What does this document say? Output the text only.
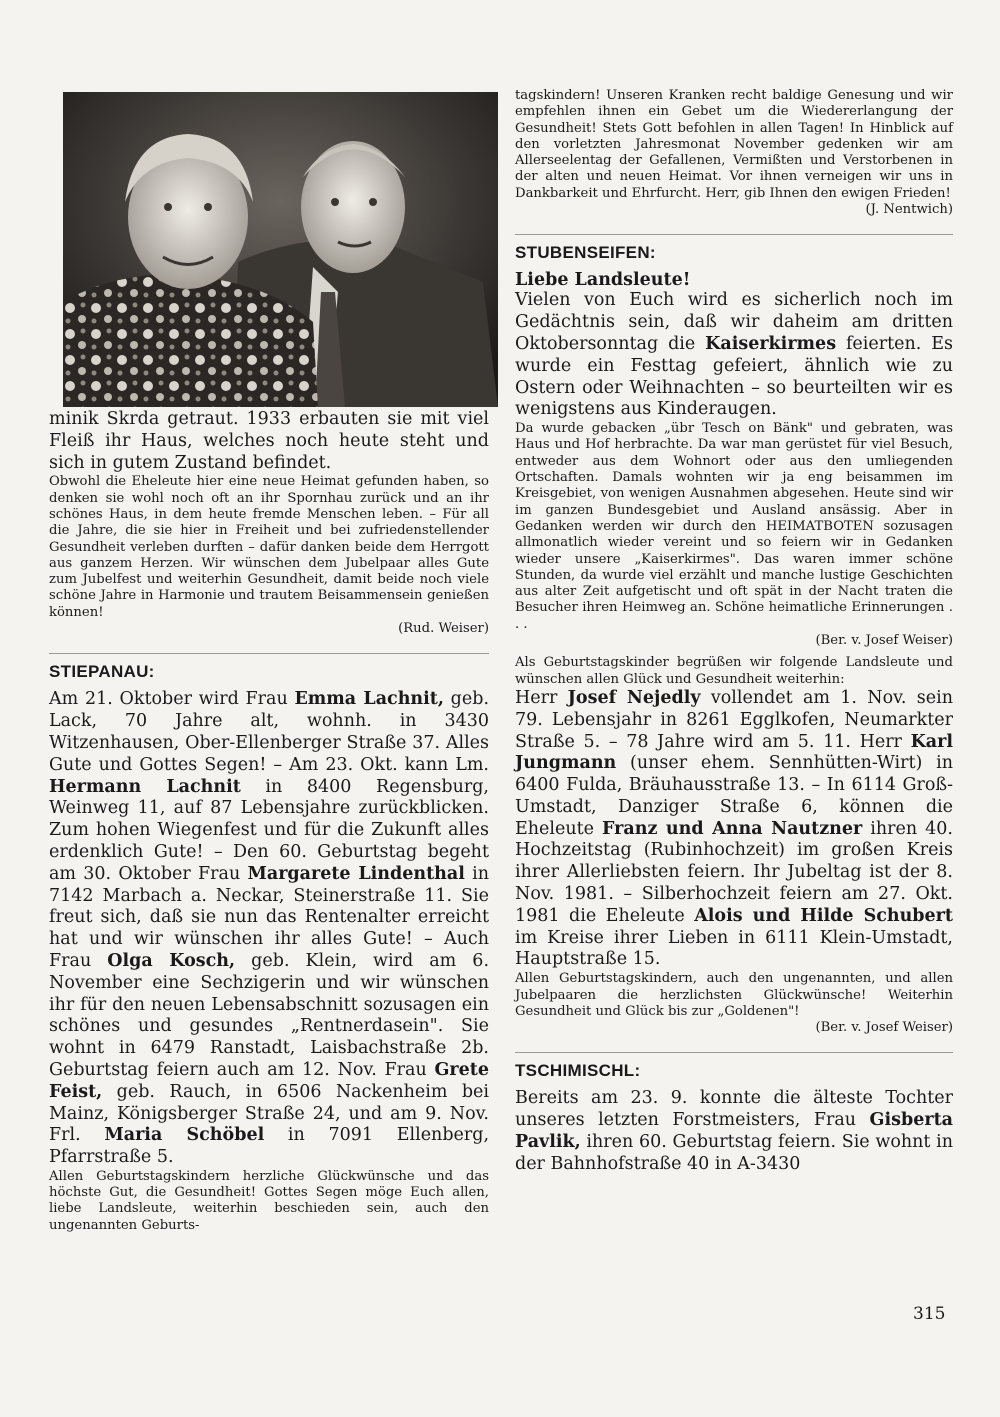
minik Skrda getraut. 1933 erbauten sie mit viel Fleiß ihr Haus, welches noch heute steht und sich in gutem Zustand befindet.

Obwohl die Eheleute hier eine neue Heimat gefunden haben, so denken sie wohl noch oft an ihr Spornhau zurück und an ihr schönes Haus, in dem heute fremde Menschen leben. – Für all die Jahre, die sie hier in Freiheit und bei zufriedenstellender Gesundheit verleben durften – dafür danken beide dem Herrgott aus ganzem Herzen. Wir wünschen dem Jubelpaar alles Gute zum Jubelfest und weiterhin Gesundheit, damit beide noch viele schöne Jahre in Harmonie und trautem Beisammensein genießen können!
(Rud. Weiser)

STIEPANAU:

Am 21. Oktober wird Frau Emma Lachnit, geb. Lack, 70 Jahre alt, wohnh. in 3430 Witzenhausen, Ober-Ellenberger Straße 37. Alles Gute und Gottes Segen! – Am 23. Okt. kann Lm. Hermann Lachnit in 8400 Regensburg, Weinweg 11, auf 87 Lebensjahre zurückblicken. Zum hohen Wiegenfest und für die Zukunft alles erdenklich Gute! – Den 60. Geburtstag begeht am 30. Oktober Frau Margarete Lindenthal in 7142 Marbach a. Neckar, Steinerstraße 11. Sie freut sich, daß sie nun das Rentenalter erreicht hat und wir wünschen ihr alles Gute! – Auch Frau Olga Kosch, geb. Klein, wird am 6. November eine Sechzigerin und wir wünschen ihr für den neuen Lebensabschnitt sozusagen ein schönes und gesundes „Rentnerdasein". Sie wohnt in 6479 Ranstadt, Laisbachstraße 2b. Geburtstag feiern auch am 12. Nov. Frau Grete Feist, geb. Rauch, in 6506 Nackenheim bei Mainz, Königsberger Straße 24, und am 9. Nov. Frl. Maria Schöbel in 7091 Ellenberg, Pfarrstraße 5.

Allen Geburtstagskindern herzliche Glückwünsche und das höchste Gut, die Gesundheit! Gottes Segen möge Euch allen, liebe Landsleute, weiterhin beschieden sein, auch den ungenannten Geburts-

tagskindern! Unseren Kranken recht baldige Genesung und wir empfehlen ihnen ein Gebet um die Wiedererlangung der Gesundheit! Stets Gott befohlen in allen Tagen! In Hinblick auf den vorletzten Jahresmonat November gedenken wir am Allerseelentag der Gefallenen, Vermißten und Verstorbenen in der alten und neuen Heimat. Vor ihnen verneigen wir uns in Dankbarkeit und Ehrfurcht. Herr, gib Ihnen den ewigen Frieden!
(J. Nentwich)

STUBENSEIFEN:
Liebe Landsleute!

Vielen von Euch wird es sicherlich noch im Gedächtnis sein, daß wir daheim am dritten Oktobersonntag die Kaiserkirmes feierten. Es wurde ein Festtag gefeiert, ähnlich wie zu Ostern oder Weihnachten – so beurteilten wir es wenigstens aus Kinderaugen.

Da wurde gebacken „übr Tesch on Bänk" und gebraten, was Haus und Hof herbrachte. Da war man gerüstet für viel Besuch, entweder aus dem Wohnort oder aus den umliegenden Ortschaften. Damals wohnten wir ja eng beisammen im Kreisgebiet, von wenigen Ausnahmen abgesehen. Heute sind wir im ganzen Bundesgebiet und Ausland ansässig. Aber in Gedanken werden wir durch den HEIMATBOTEN sozusagen allmonatlich wieder vereint und so feiern wir in Gedanken wieder unsere „Kaiserkirmes". Das waren immer schöne Stunden, da wurde viel erzählt und manche lustige Geschichten aus alter Zeit aufgetischt und oft spät in der Nacht traten die Besucher ihren Heimweg an. Schöne heimatliche Erinnerungen . . .
(Ber. v. Josef Weiser)

Als Geburtstagskinder begrüßen wir folgende Landsleute und wünschen allen Glück und Gesundheit weiterhin:

Herr Josef Nejedly vollendet am 1. Nov. sein 79. Lebensjahr in 8261 Egglkofen, Neumarkter Straße 5. – 78 Jahre wird am 5. 11. Herr Karl Jungmann (unser ehem. Sennhütten-Wirt) in 6400 Fulda, Bräuhausstraße 13. – In 6114 Groß-Umstadt, Danziger Straße 6, können die Eheleute Franz und Anna Nautzner ihren 40. Hochzeitstag (Rubinhochzeit) im großen Kreis ihrer Allerliebsten feiern. Ihr Jubeltag ist der 8. Nov. 1981. – Silberhochzeit feiern am 27. Okt. 1981 die Eheleute Alois und Hilde Schubert im Kreise ihrer Lieben in 6111 Klein-Umstadt, Hauptstraße 15.

Allen Geburtstagskindern, auch den ungenannten, und allen Jubelpaaren die herzlichsten Glückwünsche! Weiterhin Gesundheit und Glück bis zur „Goldenen"!
(Ber. v. Josef Weiser)

TSCHIMISCHL:

Bereits am 23. 9. konnte die älteste Tochter unseres letzten Forstmeisters, Frau Gisberta Pavlik, ihren 60. Geburtstag feiern. Sie wohnt in der Bahnhofstraße 40 in A-3430

315
